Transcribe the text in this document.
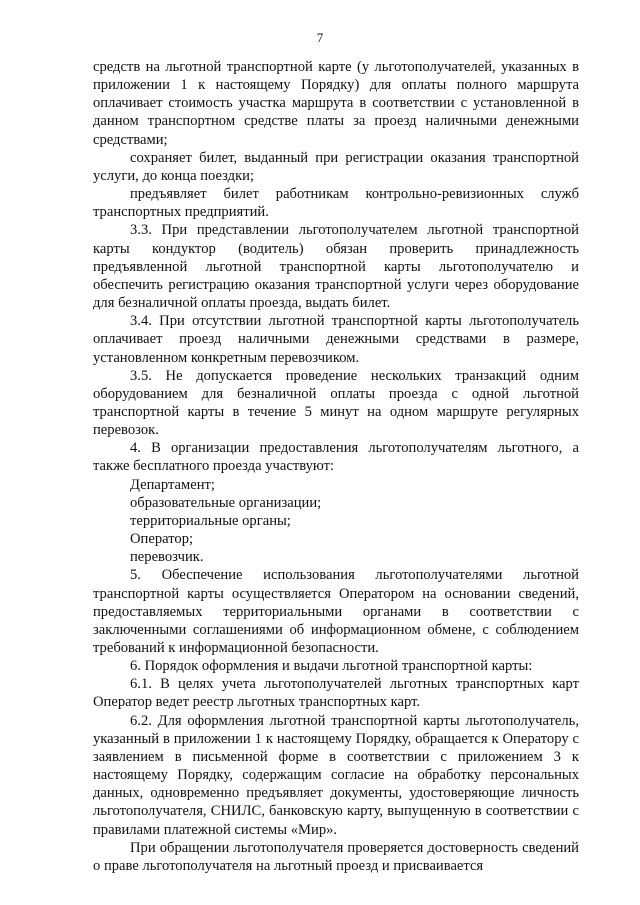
7

средств на льготной транспортной карте (у льготополучателей, указанных в приложении 1 к настоящему Порядку) для оплаты полного маршрута оплачивает стоимость участка маршрута в соответствии с установленной в данном транспортном средстве платы за проезд наличными денежными средствами;

сохраняет билет, выданный при регистрации оказания транспортной услуги, до конца поездки;

предъявляет билет работникам контрольно-ревизионных служб транспортных предприятий.

3.3. При представлении льготополучателем льготной транспортной карты кондуктор (водитель) обязан проверить принадлежность предъявленной льготной транспортной карты льготополучателю и обеспечить регистрацию оказания транспортной услуги через оборудование для безналичной оплаты проезда, выдать билет.

3.4. При отсутствии льготной транспортной карты льготополучатель оплачивает проезд наличными денежными средствами в размере, установленном конкретным перевозчиком.

3.5. Не допускается проведение нескольких транзакций одним оборудованием для безналичной оплаты проезда с одной льготной транспортной карты в течение 5 минут на одном маршруте регулярных перевозок.

4. В организации предоставления льготополучателям льготного, а также бесплатного проезда участвуют:

Департамент;

образовательные организации;

территориальные органы;

Оператор;

перевозчик.

5. Обеспечение использования льготополучателями льготной транспортной карты осуществляется Оператором на основании сведений, предоставляемых территориальными органами в соответствии с заключенными соглашениями об информационном обмене, с соблюдением требований к информационной безопасности.

6. Порядок оформления и выдачи льготной транспортной карты:

6.1. В целях учета льготополучателей льготных транспортных карт Оператор ведет реестр льготных транспортных карт.

6.2. Для оформления льготной транспортной карты льготополучатель, указанный в приложении 1 к настоящему Порядку, обращается к Оператору с заявлением в письменной форме в соответствии с приложением 3 к настоящему Порядку, содержащим согласие на обработку персональных данных, одновременно предъявляет документы, удостоверяющие личность льготополучателя, СНИЛС, банковскую карту, выпущенную в соответствии с правилами платежной системы «Мир».

При обращении льготополучателя проверяется достоверность сведений о праве льготополучателя на льготный проезд и присваивается
